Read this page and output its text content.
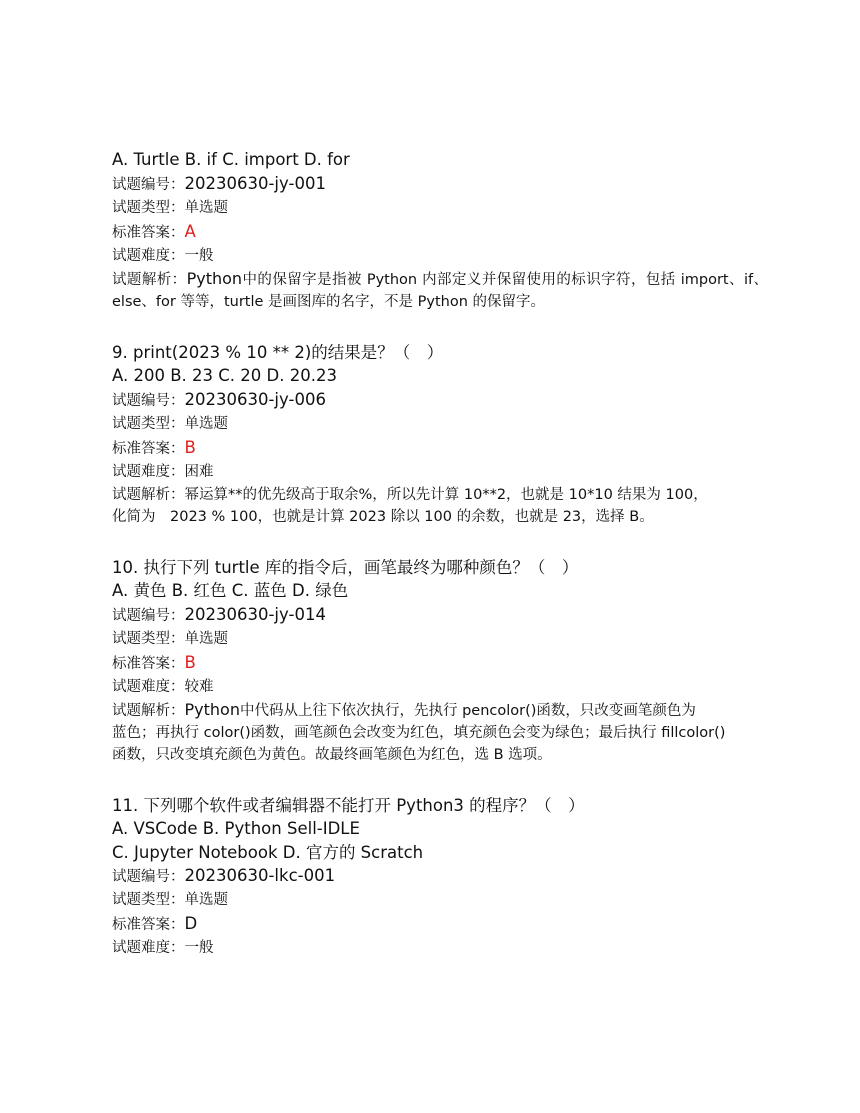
A. Turtle B. if C. import D. for
试题编号：20230630-jy-001
试题类型：单选题
标准答案：A
试题难度：一般
试题解析：Python中的保留字是指被 Python 内部定义并保留使用的标识字符，包括 import、if、else、for 等等，turtle 是画图库的名字，不是 Python 的保留字。
9. print(2023 % 10 ** 2)的结果是？（　）
A. 200 B. 23 C. 20 D. 20.23
试题编号：20230630-jy-006
试题类型：单选题
标准答案：B
试题难度：困难
试题解析：幂运算**的优先级高于取余%，所以先计算 10**2，也就是 10*10 结果为 100，
化简为　2023 % 100，也就是计算 2023 除以 100 的余数，也就是 23，选择 B。
10. 执行下列 turtle 库的指令后，画笔最终为哪种颜色？（　）
A. 黄色 B. 红色 C. 蓝色 D. 绿色
试题编号：20230630-jy-014
试题类型：单选题
标准答案：B
试题难度：较难
试题解析：Python中代码从上往下依次执行，先执行 pencolor()函数，只改变画笔颜色为
蓝色；再执行 color()函数，画笔颜色会改变为红色，填充颜色会变为绿色；最后执行 fillcolor()
函数，只改变填充颜色为黄色。故最终画笔颜色为红色，选 B 选项。
11. 下列哪个软件或者编辑器不能打开 Python3 的程序？（　）
A. VSCode B. Python Sell-IDLE
C. Jupyter Notebook D. 官方的 Scratch
试题编号：20230630-lkc-001
试题类型：单选题
标准答案：D
试题难度：一般
